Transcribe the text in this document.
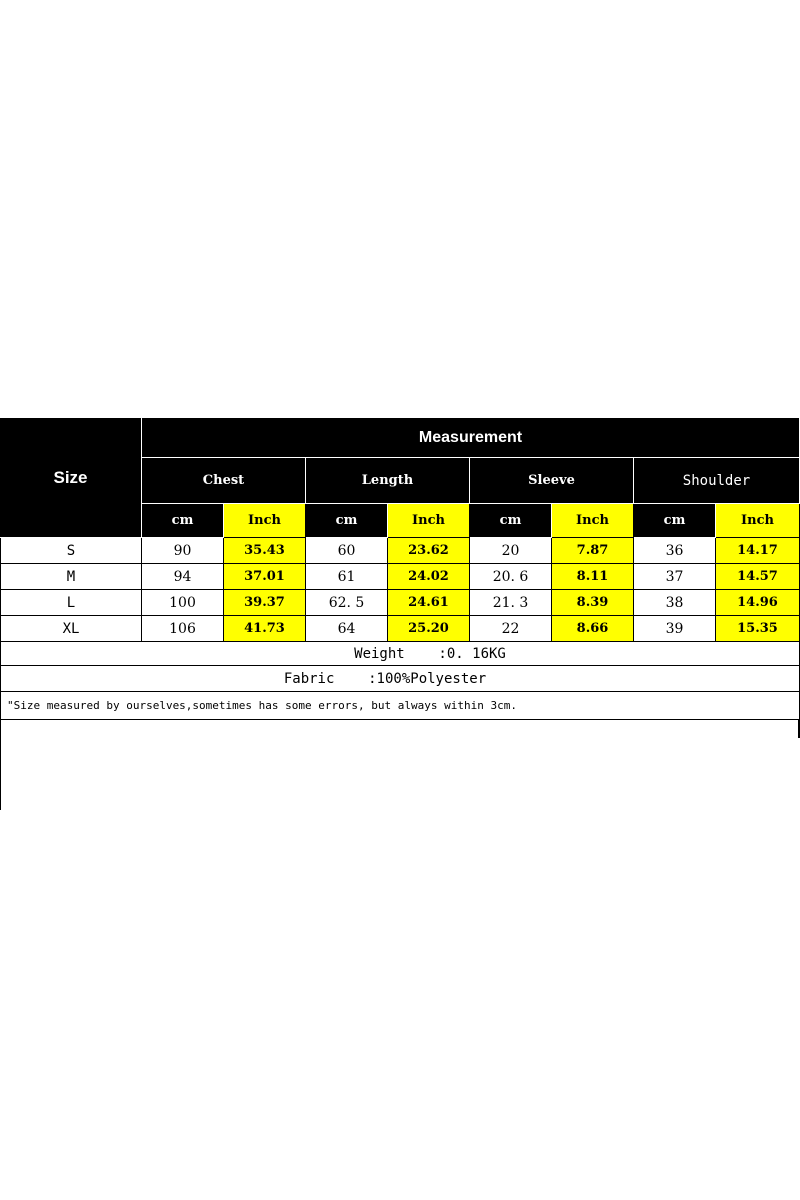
Size
Measurement
Chest	Length	Sleeve	Shoulder
cm	Inch	cm	Inch	cm	Inch	cm	Inch
S	90	35.43	60	23.62	20	7.87	36	14.17
M	94	37.01	61	24.02	20. 6	8.11	37	14.57
L	100	39.37	62. 5	24.61	21. 3	8.39	38	14.96
XL	106	41.73	64	25.20	22	8.66	39	15.35
Weight    :0. 16KG
Fabric    :100%Polyester
"Size measured by ourselves,sometimes has some errors, but always within 3cm.
